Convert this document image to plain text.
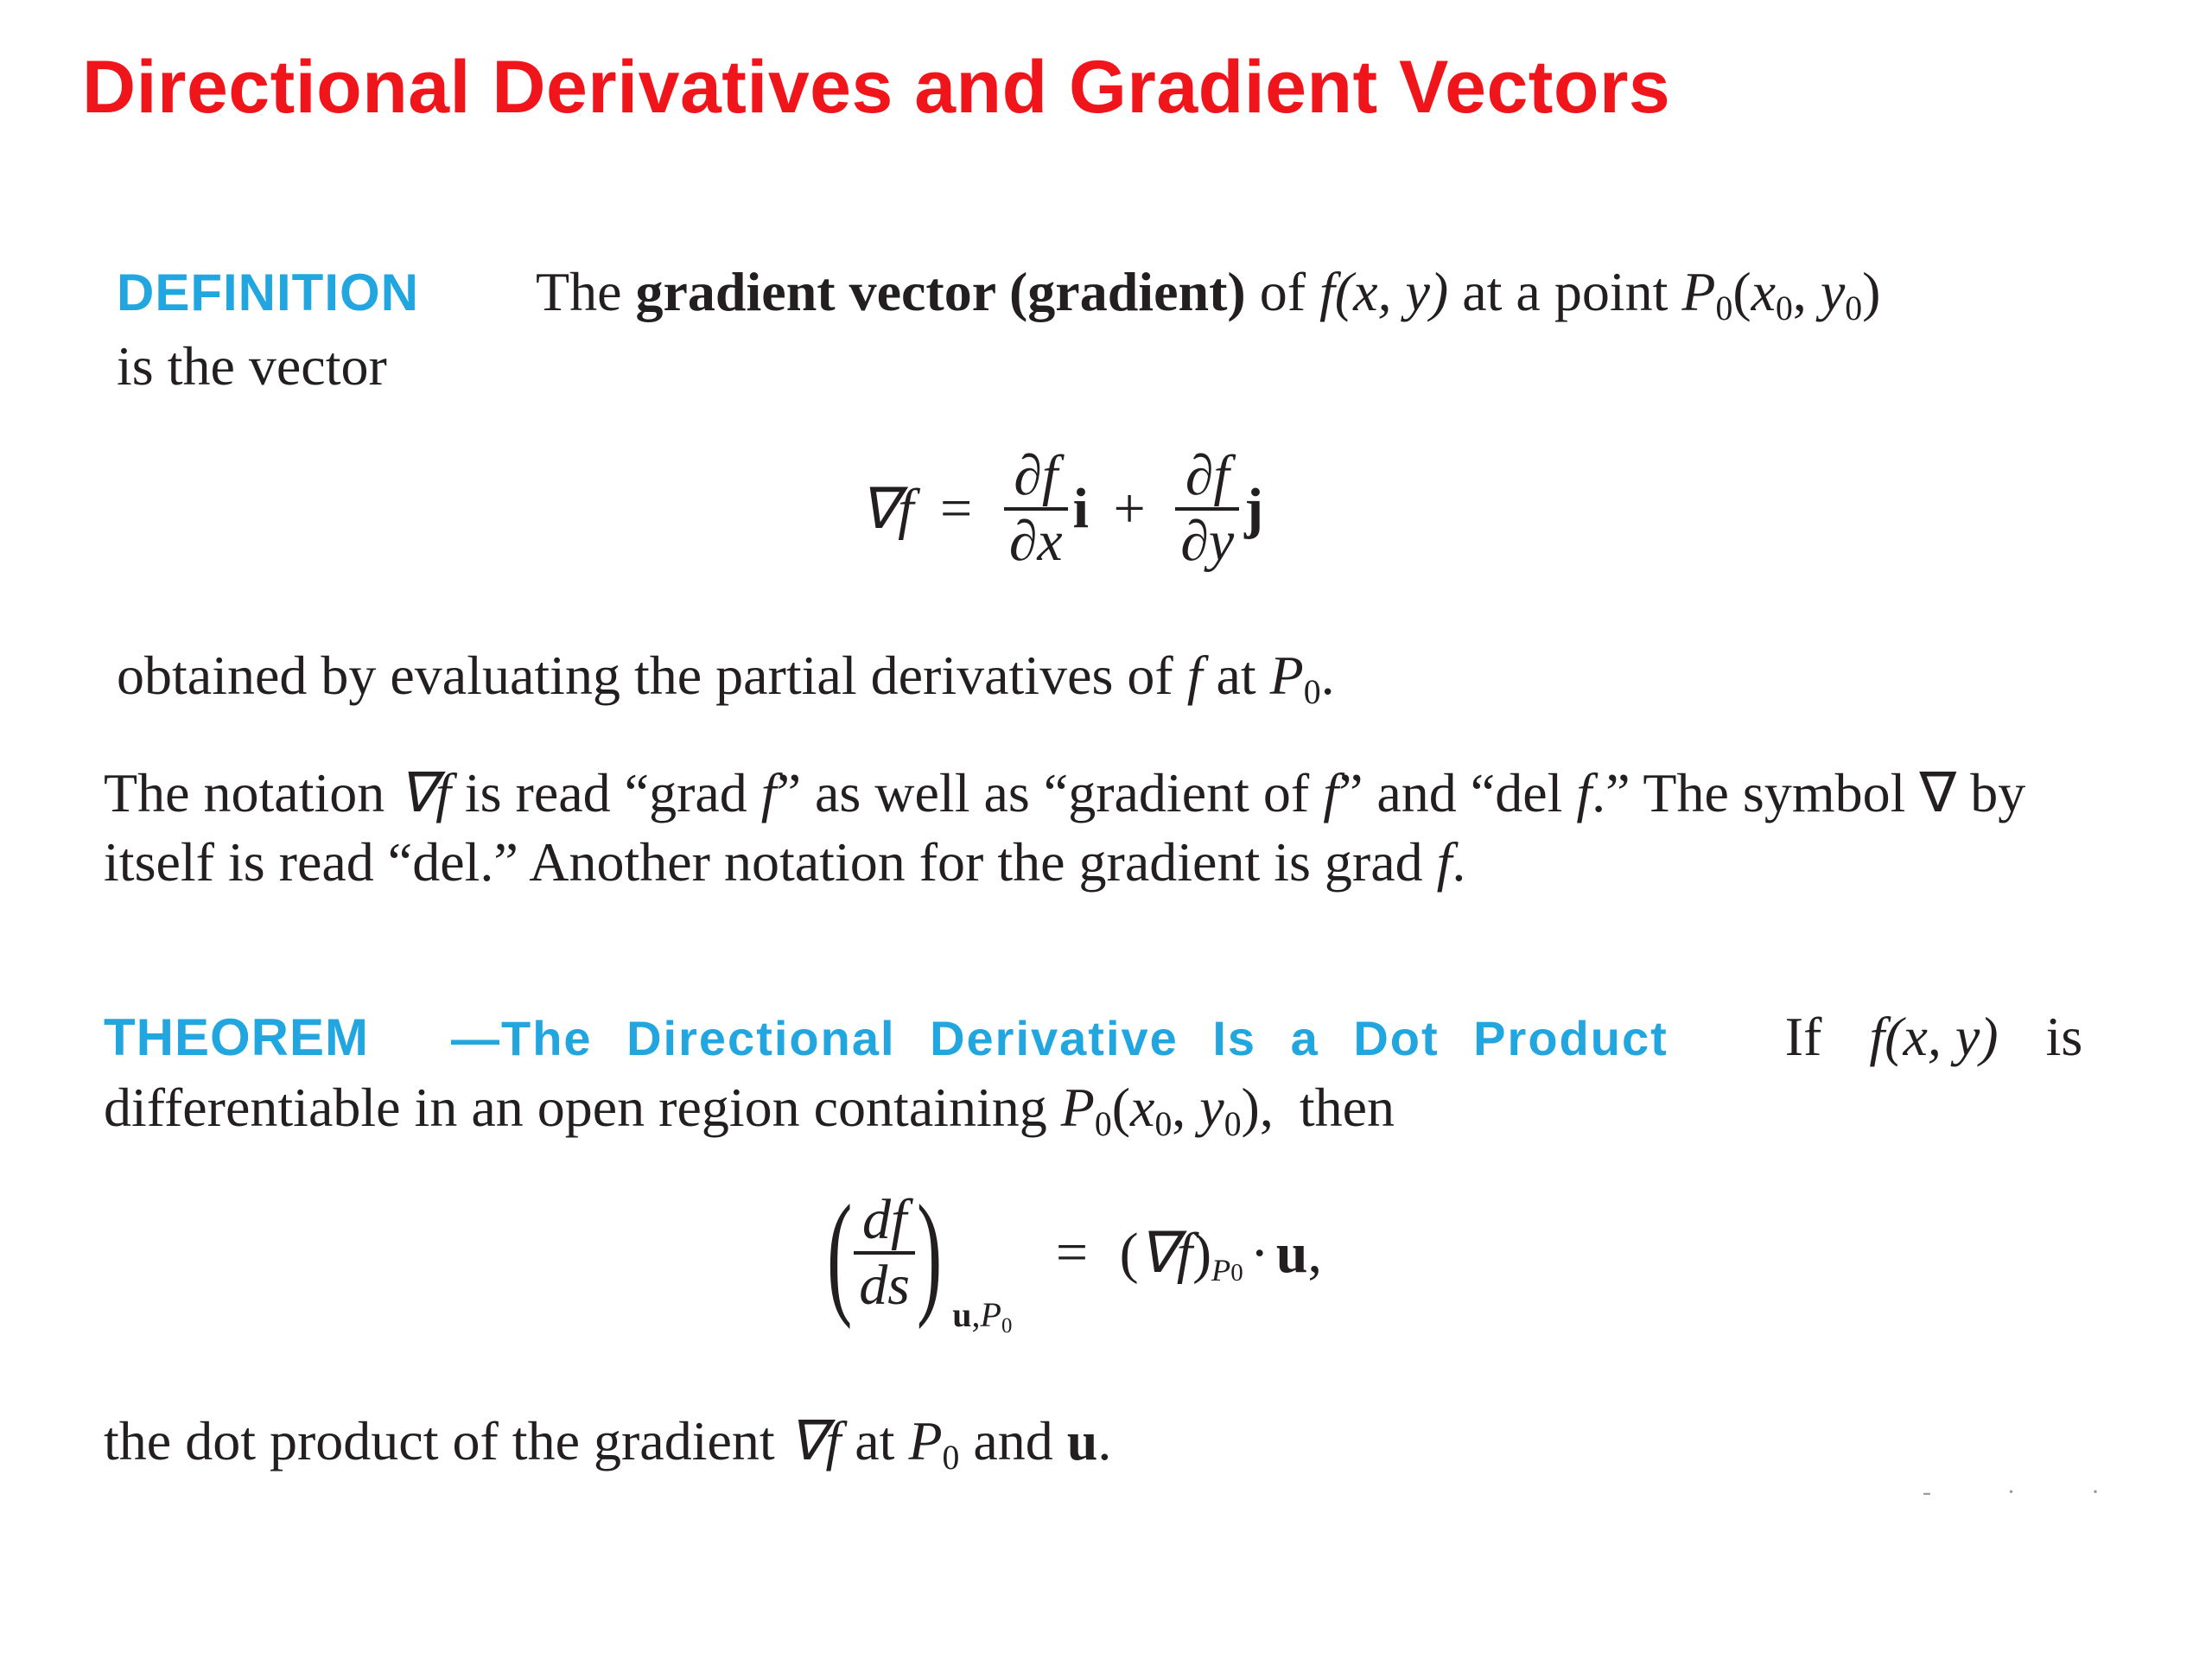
Directional Derivatives and Gradient Vectors
DEFINITION The gradient vector (gradient) of f(x, y) at a point $P_0(x_0$, $y_0$)
is the vector
$\nabla f = \frac{\partial f}{\partial x}$ $i + \frac{\partial f}{\partial y}$ j
obtained by evaluating the partial derivatives of f at $P_0$.
The notation ∇f is read “grad f” as well as “gradient of f” and “del f.” The symbol ∇ by
itself is read “del.” Another notation for the gradient is grad f.
THEOREM —The Directional Derivative Is a Dot Product If f(x, y) is
differentiable in an open region containing $P_0(x_0$, $y_0$), then
( $\frac{df}{ds}$ ) $u,P_0 = (\nabla f)_{P0} \cdot u$,
the dot product of the gradient ∇f at $P_0$ and u.
- · ·
